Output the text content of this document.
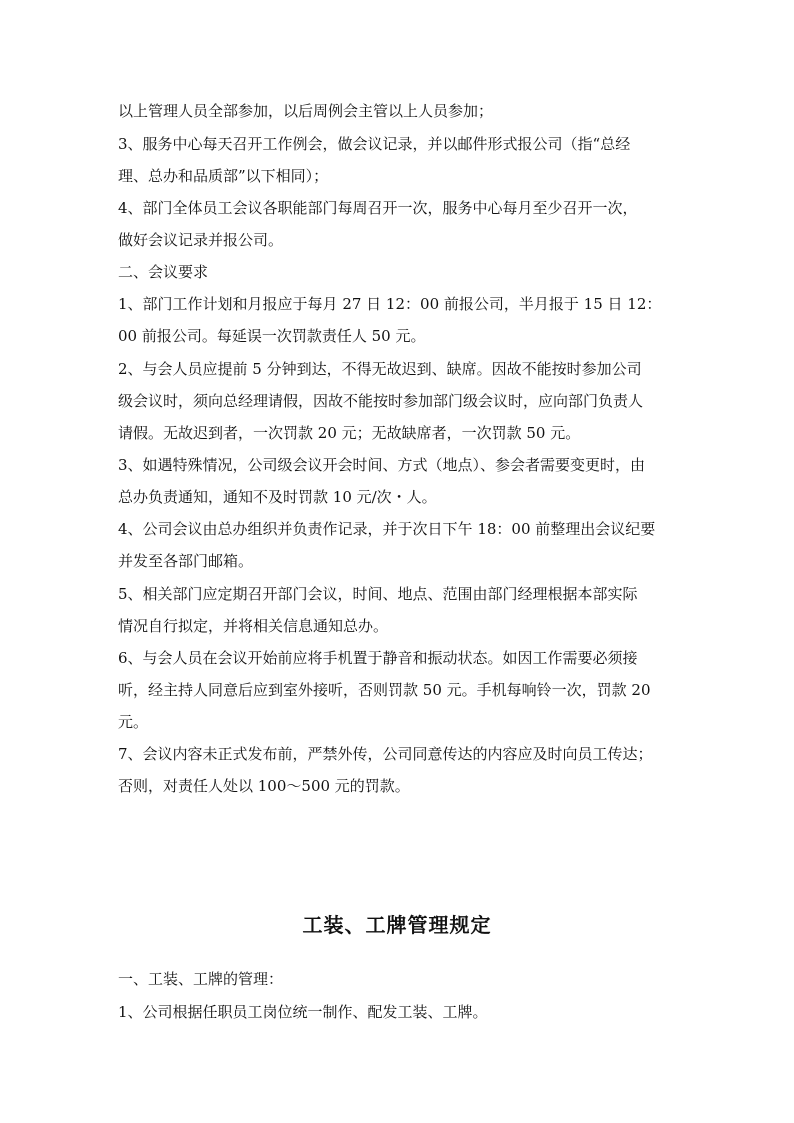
以上管理人员全部参加，以后周例会主管以上人员参加；
3、服务中心每天召开工作例会，做会议记录，并以邮件形式报公司（指“总经
理、总办和品质部”以下相同）；
4、部门全体员工会议各职能部门每周召开一次，服务中心每月至少召开一次，
做好会议记录并报公司。
二、会议要求
1、部门工作计划和月报应于每月 27 日 12：00 前报公司，半月报于 15 日 12：
00 前报公司。每延误一次罚款责任人 50 元。
2、与会人员应提前 5 分钟到达，不得无故迟到、缺席。因故不能按时参加公司
级会议时，须向总经理请假，因故不能按时参加部门级会议时，应向部门负责人
请假。无故迟到者，一次罚款 20 元；无故缺席者，一次罚款 50 元。
3、如遇特殊情况，公司级会议开会时间、方式（地点）、参会者需要变更时，由
总办负责通知，通知不及时罚款 10 元/次・人。
4、公司会议由总办组织并负责作记录，并于次日下午 18：00 前整理出会议纪要
并发至各部门邮箱。
5、相关部门应定期召开部门会议，时间、地点、范围由部门经理根据本部实际
情况自行拟定，并将相关信息通知总办。
6、与会人员在会议开始前应将手机置于静音和振动状态。如因工作需要必须接
听，经主持人同意后应到室外接听，否则罚款 50 元。手机每响铃一次，罚款 20
元。
7、会议内容未正式发布前，严禁外传，公司同意传达的内容应及时向员工传达；
否则，对责任人处以 100～500 元的罚款。
工装、工牌管理规定
一、工装、工牌的管理：
1、公司根据任职员工岗位统一制作、配发工装、工牌。
